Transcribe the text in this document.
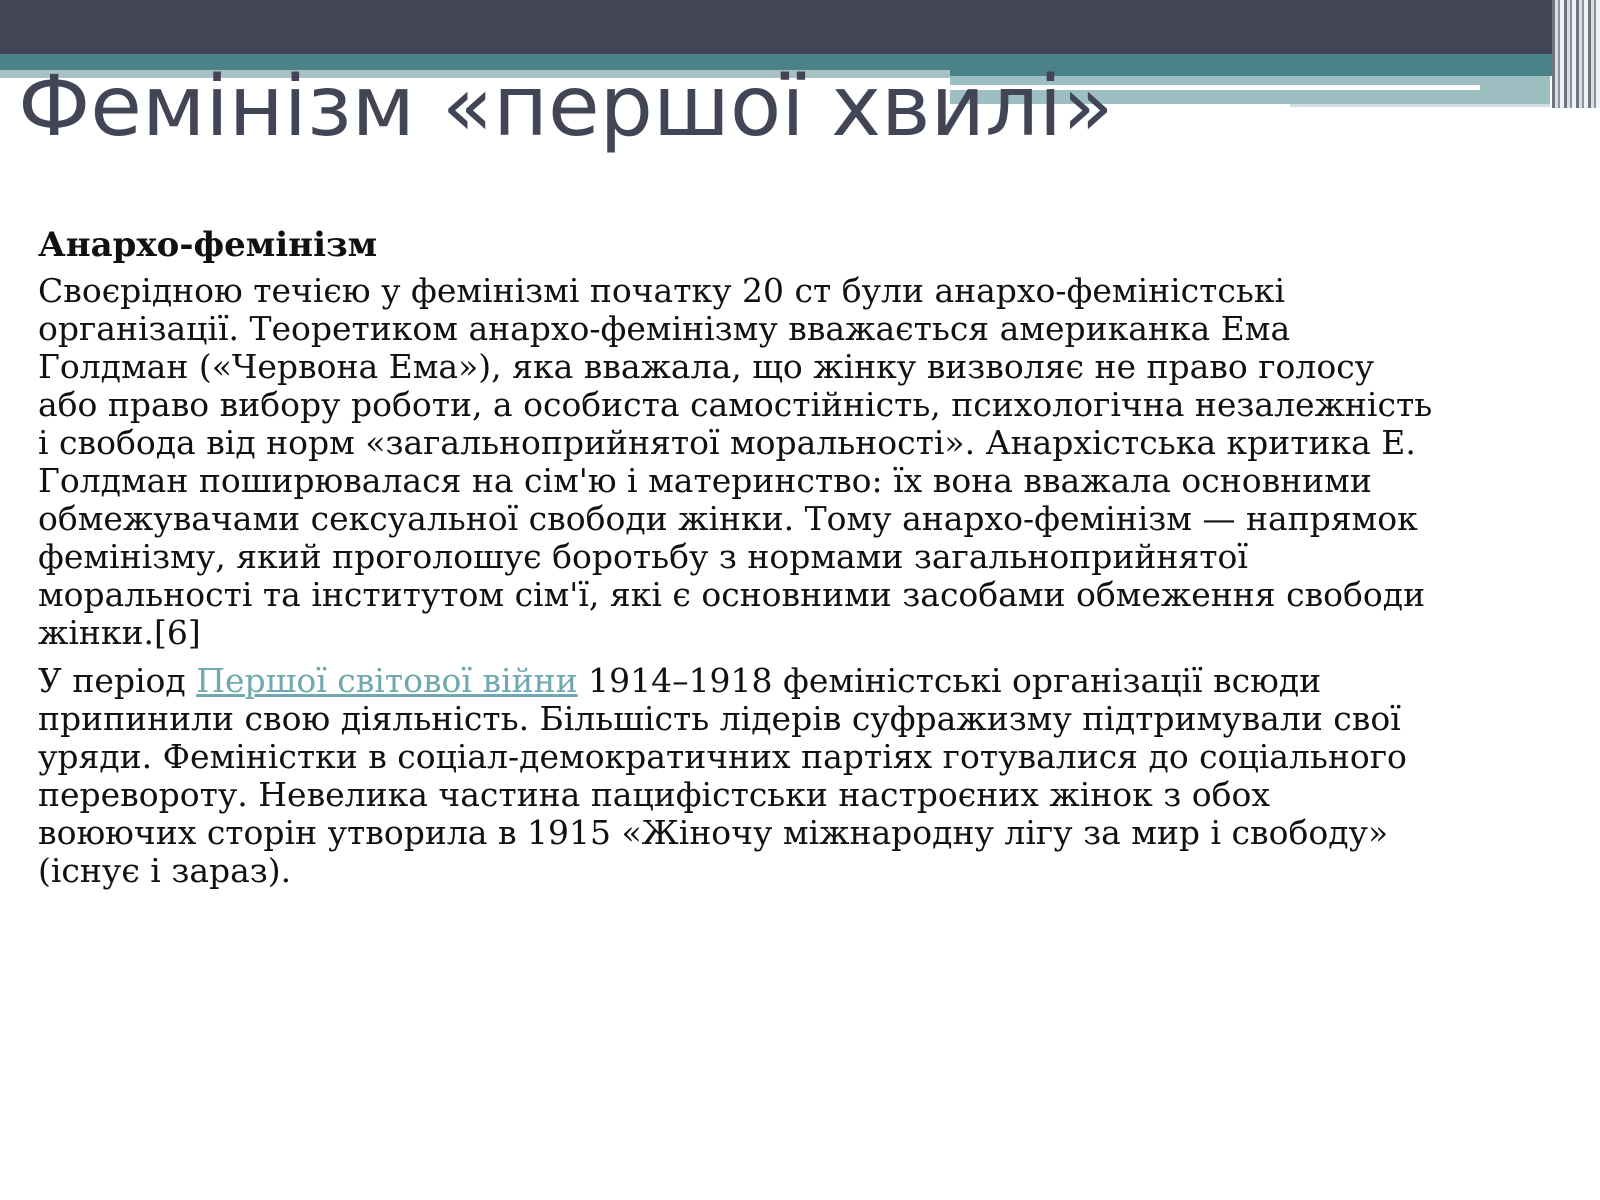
Фемінізм «першої хвилі»
Анархо-фемінізм

Своєрідною течією у фемінізмі початку 20 ст були анархо-феміністські організації. Теоретиком анархо-фемінізму вважається американка Ема Голдман («Червона Ема»), яка вважала, що жінку визволяє не право голосу або право вибору роботи, а особиста самостійність, психологічна незалежність і свобода від норм «загальноприйнятої моральності». Анархістська критика Е. Голдман поширювалася на сім'ю і материнство: їх вона вважала основними обмежувачами сексуальної свободи жінки. Тому анархо-фемінізм — напрямок фемінізму, який проголошує боротьбу з нормами загальноприйнятої моральності та інститутом сім'ї, які є основними засобами обмеження свободи жінки.[6]

У період Першої світової війни 1914–1918 феміністські організації всюди припинили свою діяльність. Більшість лідерів суфражизму підтримували свої уряди. Феміністки в соціал-демократичних партіях готувалися до соціального перевороту. Невелика частина пацифістськи настроєних жінок з обох воюючих сторін утворила в 1915 «Жіночу міжнародну лігу за мир і свободу» (існує і зараз).
